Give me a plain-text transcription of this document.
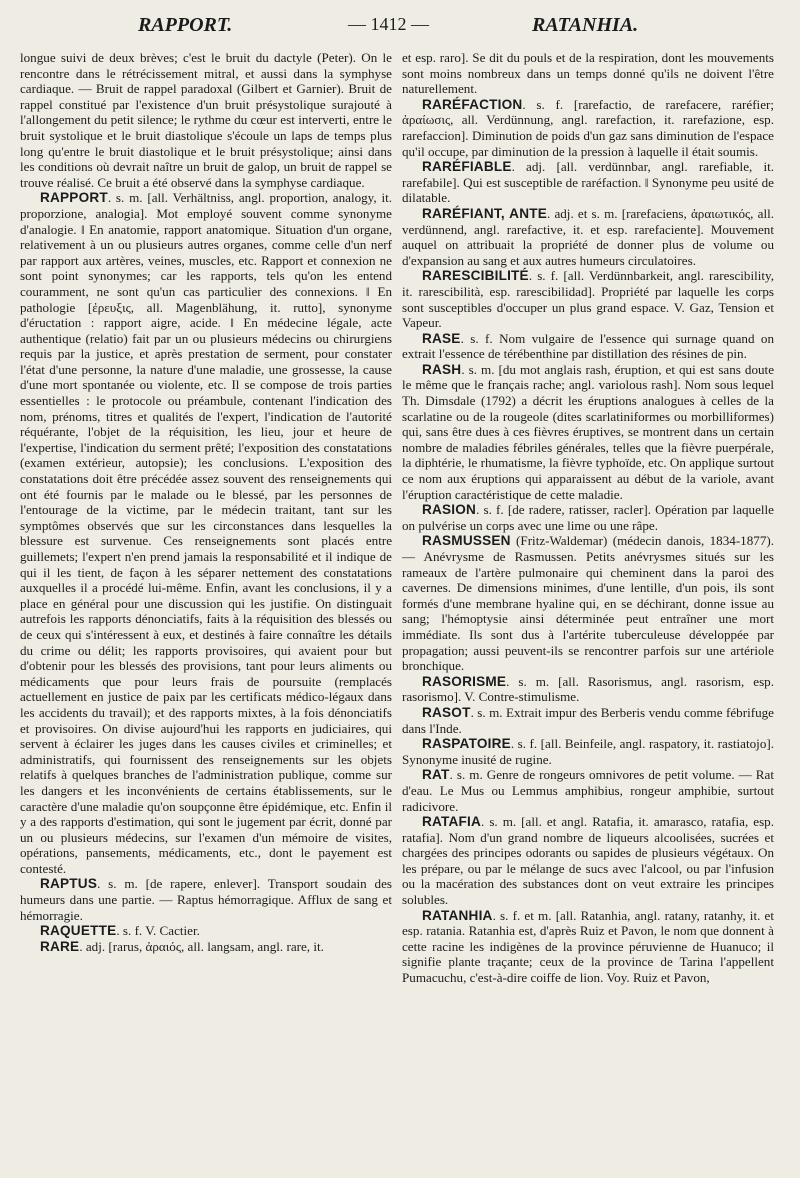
RAPPORT.	— 1412 —	RATANHIA.

longue suivi de deux brèves; c'est le bruit du dactyle (Peter). On le rencontre dans le rétrécissement mitral, et aussi dans la symphyse cardiaque. — Bruit de rappel paradoxal (Gilbert et Garnier). Bruit de rappel constitué par l'existence d'un bruit présystolique surajouté à l'allongement du petit silence; le rythme du cœur est interverti, entre le bruit systolique et le bruit diastolique s'écoule un laps de temps plus long qu'entre le bruit diastolique et le bruit présystolique; ainsi dans les conditions où devrait naître un bruit de galop, un bruit de rappel se trouve réalisé. Ce bruit a été observé dans la symphyse cardiaque.

RAPPORT. s. m. [all. Verhältniss, angl. proportion, analogy, it. proporzione, analogia]. Mot employé souvent comme synonyme d'analogie. ‖ En anatomie, rapport anatomique. Situation d'un organe, relativement à un ou plusieurs autres organes, comme celle d'un nerf par rapport aux artères, veines, muscles, etc. Rapport et connexion ne sont point synonymes; car les rapports, tels qu'on les entend couramment, ne sont qu'un cas particulier des connexions. ‖ En pathologie [ἐρευξις, all. Magenblähung, it. rutto], synonyme d'éructation : rapport aigre, acide. ‖ En médecine légale, acte authentique (relatio) fait par un ou plusieurs médecins ou chirurgiens requis par la justice, et après prestation de serment, pour constater l'état d'une personne, la nature d'une maladie, une grossesse, la cause d'une mort spontanée ou violente, etc. Il se compose de trois parties essentielles : le protocole ou préambule, contenant l'indication des nom, prénoms, titres et qualités de l'expert, l'indication de l'autorité réquérante, l'objet de la réquisition, les lieu, jour et heure de l'expertise, l'indication du serment prêté; l'exposition des constatations (examen extérieur, autopsie); les conclusions. L'exposition des constatations doit être précédée assez souvent des renseignements qui ont été fournis par le malade ou le blessé, par les personnes de l'entourage de la victime, par le médecin traitant, tant sur les symptômes observés que sur les circonstances dans lesquelles la blessure est survenue. Ces renseignements sont placés entre guillemets; l'expert n'en prend jamais la responsabilité et il indique de qui il les tient, de façon à les séparer nettement des constatations auxquelles il a procédé lui-même. Enfin, avant les conclusions, il y a place en général pour une discussion qui les justifie. On distinguait autrefois les rapports dénonciatifs, faits à la réquisition des blessés ou de ceux qui s'intéressent à eux, et destinés à faire connaître les détails du crime ou délit; les rapports provisoires, qui avaient pour but d'obtenir pour les blessés des provisions, tant pour leurs aliments ou médicaments que pour leurs frais de poursuite (remplacés actuellement en justice de paix par les certificats médico-légaux dans les accidents du travail); et des rapports mixtes, à la fois dénonciatifs et provisoires. On divise aujourd'hui les rapports en judiciaires, qui servent à éclairer les juges dans les causes civiles et criminelles; et administratifs, qui fournissent des renseignements sur les objets relatifs à quelques branches de l'administration publique, comme sur les dangers et les inconvénients de certains établissements, sur le caractère d'une maladie qu'on soupçonne être épidémique, etc. Enfin il y a des rapports d'estimation, qui sont le jugement par écrit, donné par un ou plusieurs médecins, sur l'examen d'un mémoire de visites, opérations, pansements, médicaments, etc., dont le payement est contesté.

RAPTUS. s. m. [de rapere, enlever]. Transport soudain des humeurs dans une partie. — Raptus hémorragique. Afflux de sang et hémorragie.

RAQUETTE. s. f. V. Cactier.

RARE. adj. [rarus, ἀραιός, all. langsam, angl. rare, it.

et esp. raro]. Se dit du pouls et de la respiration, dont les mouvements sont moins nombreux dans un temps donné qu'ils ne doivent l'être naturellement.

RARÉFACTION. s. f. [rarefactio, de rarefacere, raréfier; ἀραίωσις, all. Verdünnung, angl. rarefaction, it. rarefazione, esp. rarefaccion]. Diminution de poids d'un gaz sans diminution de l'espace qu'il occupe, par diminution de la pression à laquelle il était soumis.

RARÉFIABLE. adj. [all. verdünnbar, angl. rarefiable, it. rarefabile]. Qui est susceptible de raréfaction. ‖ Synonyme peu usité de dilatable.

RARÉFIANT, ANTE. adj. et s. m. [rarefaciens, ἀραιωτικός, all. verdünnend, angl. rarefactive, it. et esp. rarefaciente]. Mouvement auquel on attribuait la propriété de donner plus de volume ou d'expansion au sang et aux autres humeurs circulatoires.

RARESCIBILITÉ. s. f. [all. Verdünnbarkeit, angl. rarescibility, it. rarescibilità, esp. rarescibilidad]. Propriété par laquelle les corps sont susceptibles d'occuper un plus grand espace. V. Gaz, Tension et Vapeur.

RASE. s. f. Nom vulgaire de l'essence qui surnage quand on extrait l'essence de térébenthine par distillation des résines de pin.

RASH. s. m. [du mot anglais rash, éruption, et qui est sans doute le même que le français rache; angl. variolous rash]. Nom sous lequel Th. Dimsdale (1792) a décrit les éruptions analogues à celles de la scarlatine ou de la rougeole (dites scarlatiniformes ou morbilliformes) qui, sans être dues à ces fièvres éruptives, se montrent dans un certain nombre de maladies fébriles générales, telles que la fièvre puerpérale, la diphtérie, le rhumatisme, la fièvre typhoïde, etc. On applique surtout ce nom aux éruptions qui apparaissent au début de la variole, avant l'éruption caractéristique de cette maladie.

RASION. s. f. [de radere, ratisser, racler]. Opération par laquelle on pulvérise un corps avec une lime ou une râpe.

RASMUSSEN (Fritz-Waldemar) (médecin danois, 1834-1877). — Anévrysme de Rasmussen. Petits anévrysmes situés sur les rameaux de l'artère pulmonaire qui cheminent dans la paroi des cavernes. De dimensions minimes, d'une lentille, d'un pois, ils sont formés d'une membrane hyaline qui, en se déchirant, donne issue au sang; l'hémoptysie ainsi déterminée peut entraîner une mort immédiate. Ils sont dus à l'artérite tuberculeuse développée par propagation; aussi peuvent-ils se rencontrer parfois sur une artériole bronchique.

RASORISME. s. m. [all. Rasorismus, angl. rasorism, esp. rasorismo]. V. Contre-stimulisme.

RASOT. s. m. Extrait impur des Berberis vendu comme fébrifuge dans l'Inde.

RASPATOIRE. s. f. [all. Beinfeile, angl. raspatory, it. rastiatojo]. Synonyme inusité de rugine.

RAT. s. m. Genre de rongeurs omnivores de petit volume. — Rat d'eau. Le Mus ou Lemmus amphibius, rongeur amphibie, surtout radicivore.

RATAFIA. s. m. [all. et angl. Ratafia, it. amarasco, ratafia, esp. ratafia]. Nom d'un grand nombre de liqueurs alcoolisées, sucrées et chargées des principes odorants ou sapides de plusieurs végétaux. On les prépare, ou par le mélange de sucs avec l'alcool, ou par l'infusion ou la macération des substances dont on veut extraire les principes solubles.

RATANHIA. s. f. et m. [all. Ratanhia, angl. ratany, ratanhy, it. et esp. ratania. Ratanhia est, d'après Ruiz et Pavon, le nom que donnent à cette racine les indigènes de la province péruvienne de Huanuco; il signifie plante traçante; ceux de la province de Tarina l'appellent Pumacuchu, c'est-à-dire coiffe de lion. Voy. Ruiz et Pavon,
